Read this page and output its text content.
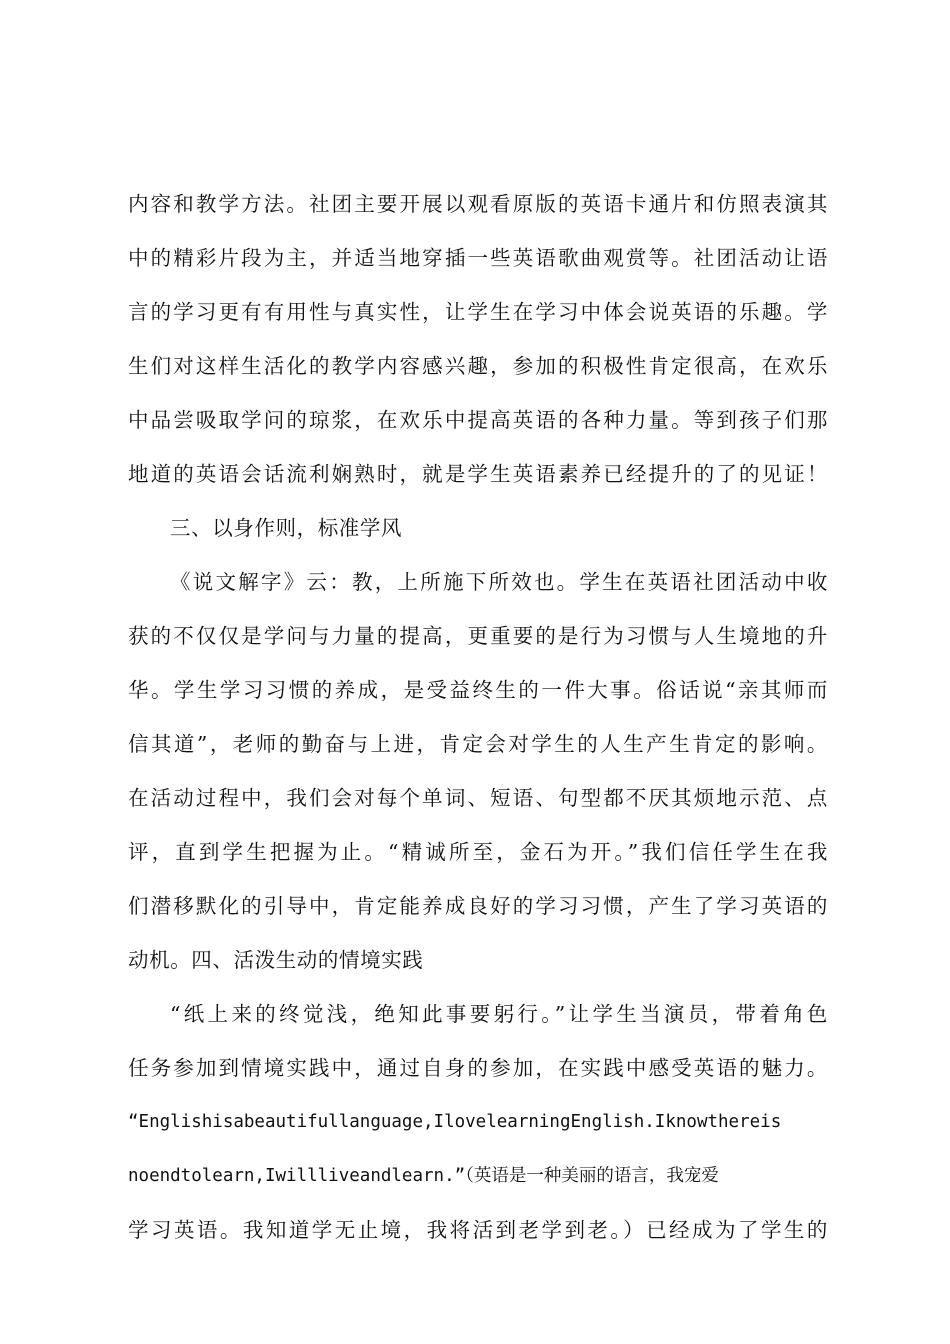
内容和教学方法。社团主要开展以观看原版的英语卡通片和仿照表演其

中的精彩片段为主，并适当地穿插一些英语歌曲观赏等。社团活动让语

言的学习更有有用性与真实性，让学生在学习中体会说英语的乐趣。学

生们对这样生活化的教学内容感兴趣，参加的积极性肯定很高，在欢乐

中品尝吸取学问的琼浆，在欢乐中提高英语的各种力量。等到孩子们那

地道的英语会话流利娴熟时，就是学生英语素养已经提升的了的见证！

三、以身作则，标准学风

《说文解字》云：教，上所施下所效也。学生在英语社团活动中收

获的不仅仅是学问与力量的提高，更重要的是行为习惯与人生境地的升

华。学生学习习惯的养成，是受益终生的一件大事。俗话说“亲其师而

信其道”，老师的勤奋与上进，肯定会对学生的人生产生肯定的影响。

在活动过程中，我们会对每个单词、短语、句型都不厌其烦地示范、点

评，直到学生把握为止。“精诚所至，金石为开。”我们信任学生在我

们潜移默化的引导中，肯定能养成良好的学习习惯，产生了学习英语的

动机。四、活泼生动的情境实践

“纸上来的终觉浅，绝知此事要躬行。”让学生当演员，带着角色

任务参加到情境实践中，通过自身的参加，在实践中感受英语的魅力。

“Englishisabeautifullanguage,IlovelearningEnglish.Iknowthereis

noendtolearn,Iwillliveandlearn.”（英语是一种美丽的语言，我宠爱

学习英语。我知道学无止境，我将活到老学到老。）已经成为了学生的
